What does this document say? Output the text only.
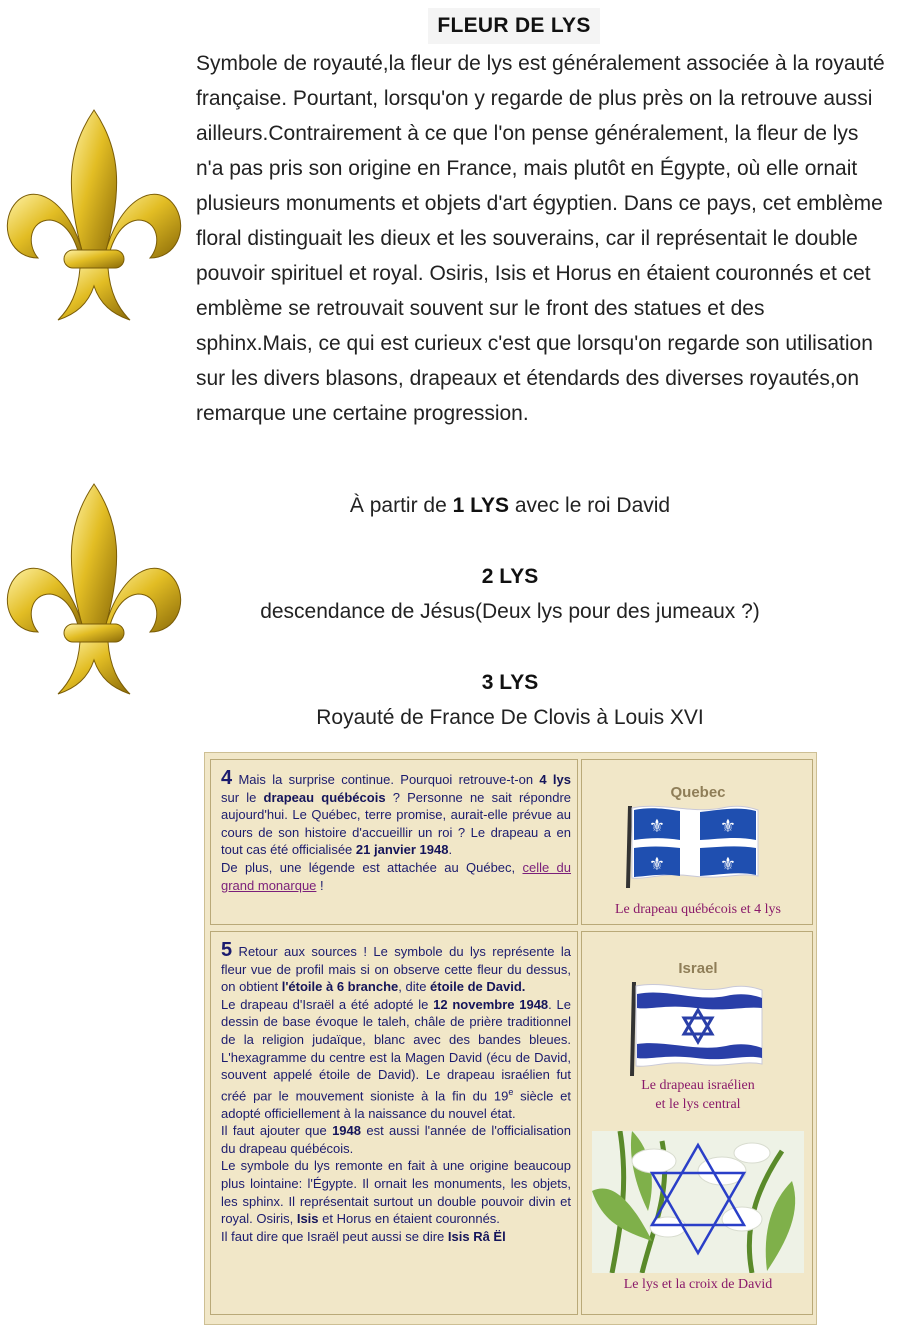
FLEUR DE LYS
Symbole de royauté,la fleur de lys est généralement associée à la royauté française. Pourtant, lorsqu'on y regarde de plus près on la retrouve aussi ailleurs.Contrairement à ce que l'on pense généralement, la fleur de lys n'a pas pris son origine en France, mais plutôt en Égypte, où elle ornait plusieurs monuments et objets d'art égyptien. Dans ce pays, cet emblème floral distinguait les dieux et les souverains, car il représentait le double pouvoir spirituel et royal. Osiris, Isis et Horus en étaient couronnés et cet emblème se retrouvait souvent sur le front des statues et des sphinx.Mais, ce qui est curieux c'est que lorsqu'on regarde son utilisation sur les divers blasons, drapeaux et étendards des diverses royautés,on remarque une certaine progression.
À partir de 1 LYS avec le roi David
2 LYS
descendance de Jésus(Deux lys pour des jumeaux ?)
3 LYS
Royauté de France De Clovis à Louis XVI
4 Mais la surprise continue. Pourquoi retrouve-t-on 4 lys sur le drapeau québécois ? Personne ne sait répondre aujourd'hui. Le Québec, terre promise, aurait-elle prévue au cours de son histoire d'accueillir un roi ? Le drapeau a en tout cas été officialisée 21 janvier 1948.
De plus, une légende est attachée au Québec, celle du grand monarque !
Quebec
⚜	⚜
⚜	⚜
Le drapeau québécois et 4 lys
5 Retour aux sources ! Le symbole du lys représente la fleur vue de profil mais si on observe cette fleur du dessus, on obtient l'étoile à 6 branche, dite étoile de David.
Le drapeau d'Israël a été adopté le 12 novembre 1948. Le dessin de base évoque le taleh, châle de prière traditionnel de la religion judaïque, blanc avec des bandes bleues. L'hexagramme du centre est la Magen David (écu de David, souvent appelé étoile de David). Le drapeau israélien fut créé par le mouvement sioniste à la fin du 19e siècle et adopté officiellement à la naissance du nouvel état.
Il faut ajouter que 1948 est aussi l'année de l'officialisation du drapeau québécois.
Le symbole du lys remonte en fait à une origine beaucoup plus lointaine: l'Égypte. Il ornait les monuments, les objets, les sphinx. Il représentait surtout un double pouvoir divin et royal. Osiris, Isis et Horus en étaient couronnés.
Il faut dire que Israël peut aussi se dire Isis Râ Ël
Israel
Le drapeau israélien
et le lys central
Le lys et la croix de David
